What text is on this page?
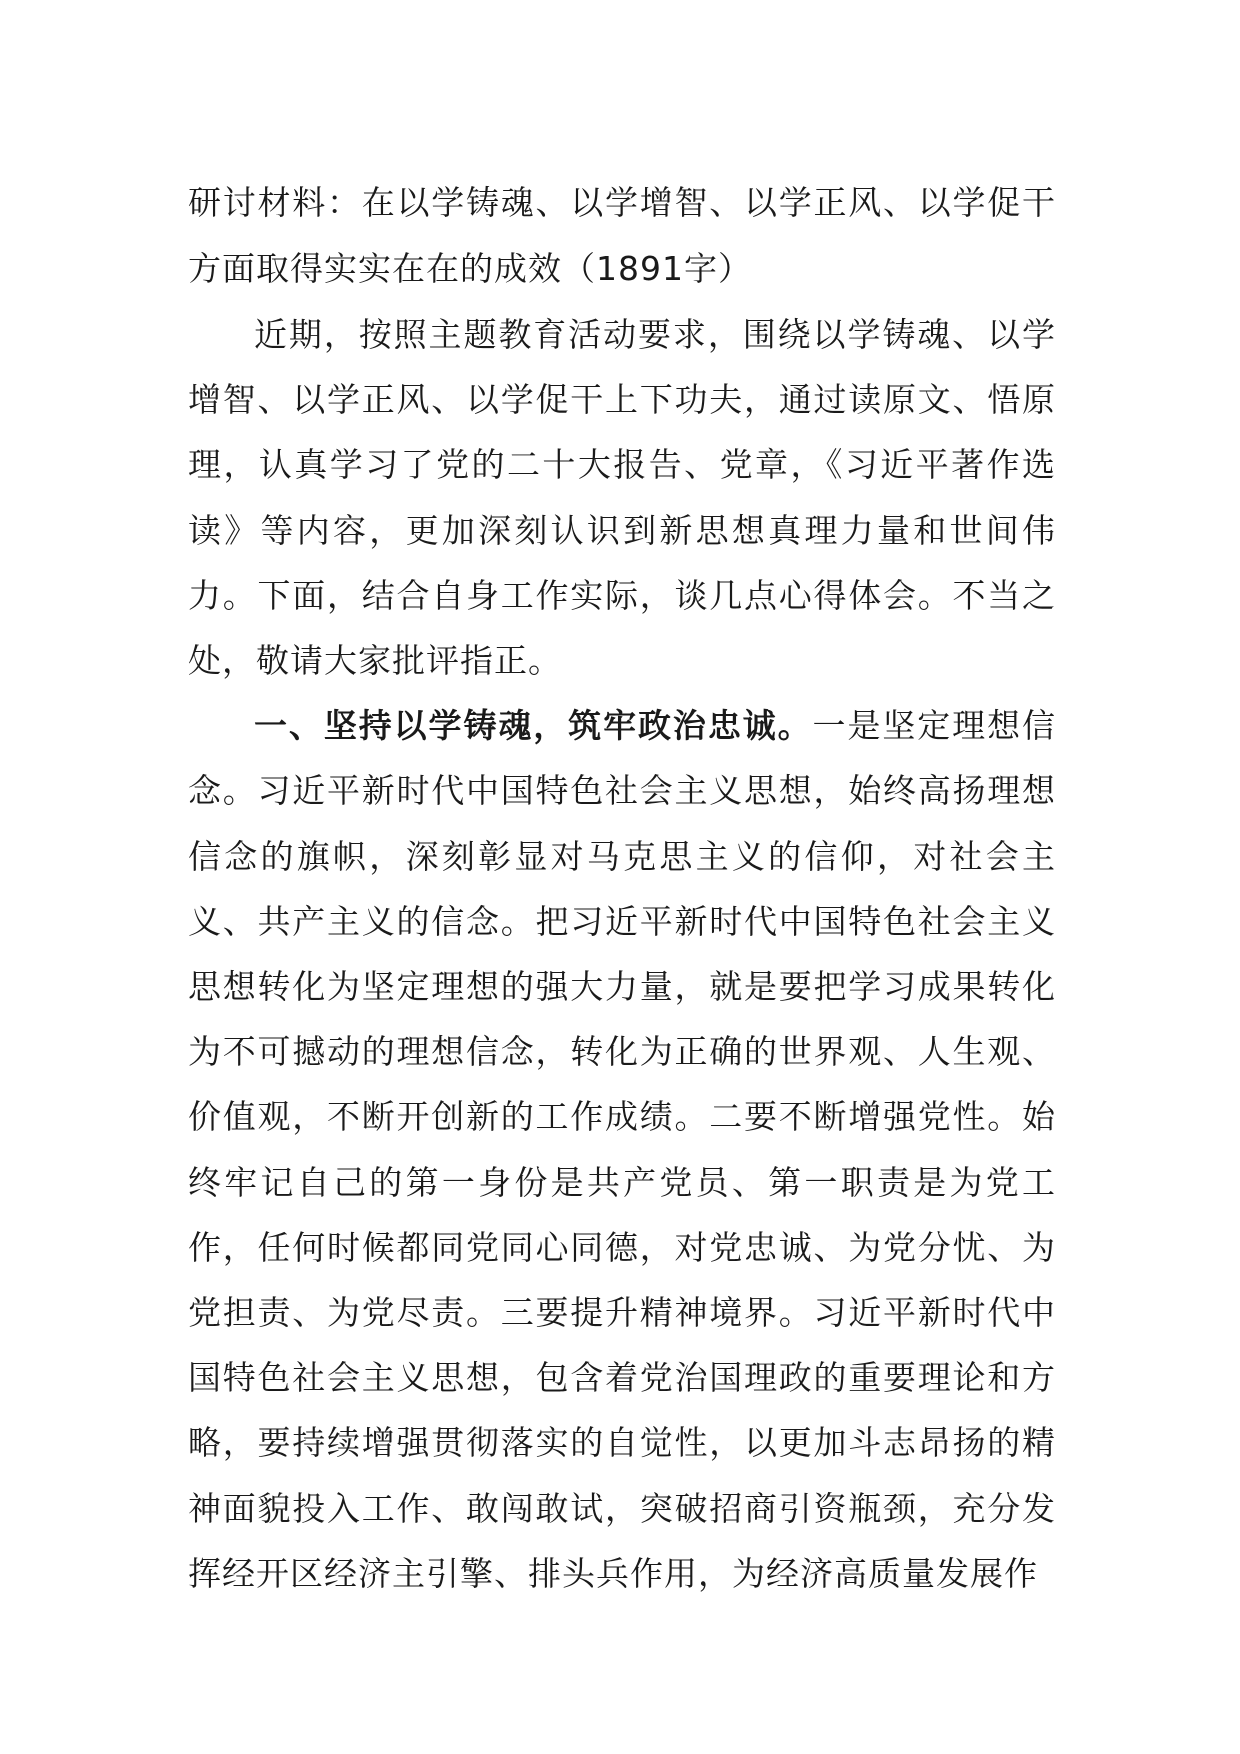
研讨材料：在以学铸魂、以学增智、以学正风、以学促干方面取得实实在在的成效（1891字）

近期，按照主题教育活动要求，围绕以学铸魂、以学增智、以学正风、以学促干上下功夫，通过读原文、悟原理，认真学习了党的二十大报告、党章，《习近平著作选读》等内容，更加深刻认识到新思想真理力量和世间伟力。下面，结合自身工作实际，谈几点心得体会。不当之处，敬请大家批评指正。

一、坚持以学铸魂，筑牢政治忠诚。一是坚定理想信念。习近平新时代中国特色社会主义思想，始终高扬理想信念的旗帜，深刻彰显对马克思主义的信仰，对社会主义、共产主义的信念。把习近平新时代中国特色社会主义思想转化为坚定理想的强大力量，就是要把学习成果转化为不可撼动的理想信念，转化为正确的世界观、人生观、价值观，不断开创新的工作成绩。二要不断增强党性。始终牢记自己的第一身份是共产党员、第一职责是为党工作，任何时候都同党同心同德，对党忠诚、为党分忧、为党担责、为党尽责。三要提升精神境界。习近平新时代中国特色社会主义思想，包含着党治国理政的重要理论和方略，要持续增强贯彻落实的自觉性，以更加斗志昂扬的精神面貌投入工作、敢闯敢试，突破招商引资瓶颈，充分发挥经开区经济主引擎、排头兵作用，为经济高质量发展作
